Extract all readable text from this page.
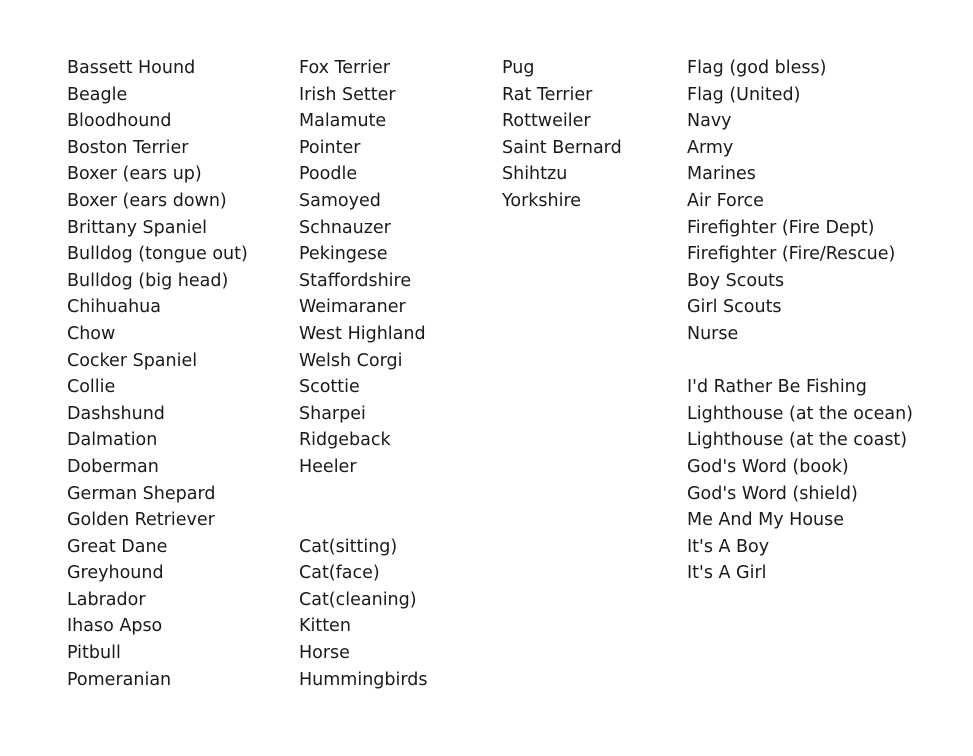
Bassett Hound
Beagle
Bloodhound
Boston Terrier
Boxer (ears up)
Boxer (ears down)
Brittany Spaniel
Bulldog (tongue out)
Bulldog (big head)
Chihuahua
Chow
Cocker Spaniel
Collie
Dashshund
Dalmation
Doberman
German Shepard
Golden Retriever
Great Dane
Greyhound
Labrador
Ihaso Apso
Pitbull
Pomeranian
Fox Terrier
Irish Setter
Malamute
Pointer
Poodle
Samoyed
Schnauzer
Pekingese
Staffordshire
Weimaraner
West Highland
Welsh Corgi
Scottie
Sharpei
Ridgeback
Heeler
Cat(sitting)
Cat(face)
Cat(cleaning)
Kitten
Horse
Hummingbirds
Pug
Rat Terrier
Rottweiler
Saint Bernard
Shihtzu
Yorkshire
Flag (god bless)
Flag (United)
Navy
Army
Marines
Air Force
Firefighter (Fire Dept)
Firefighter (Fire/Rescue)
Boy Scouts
Girl Scouts
Nurse
I'd Rather Be Fishing
Lighthouse (at the ocean)
Lighthouse (at the coast)
God's Word (book)
God's Word (shield)
Me And My House
It's A Boy
It's A Girl
